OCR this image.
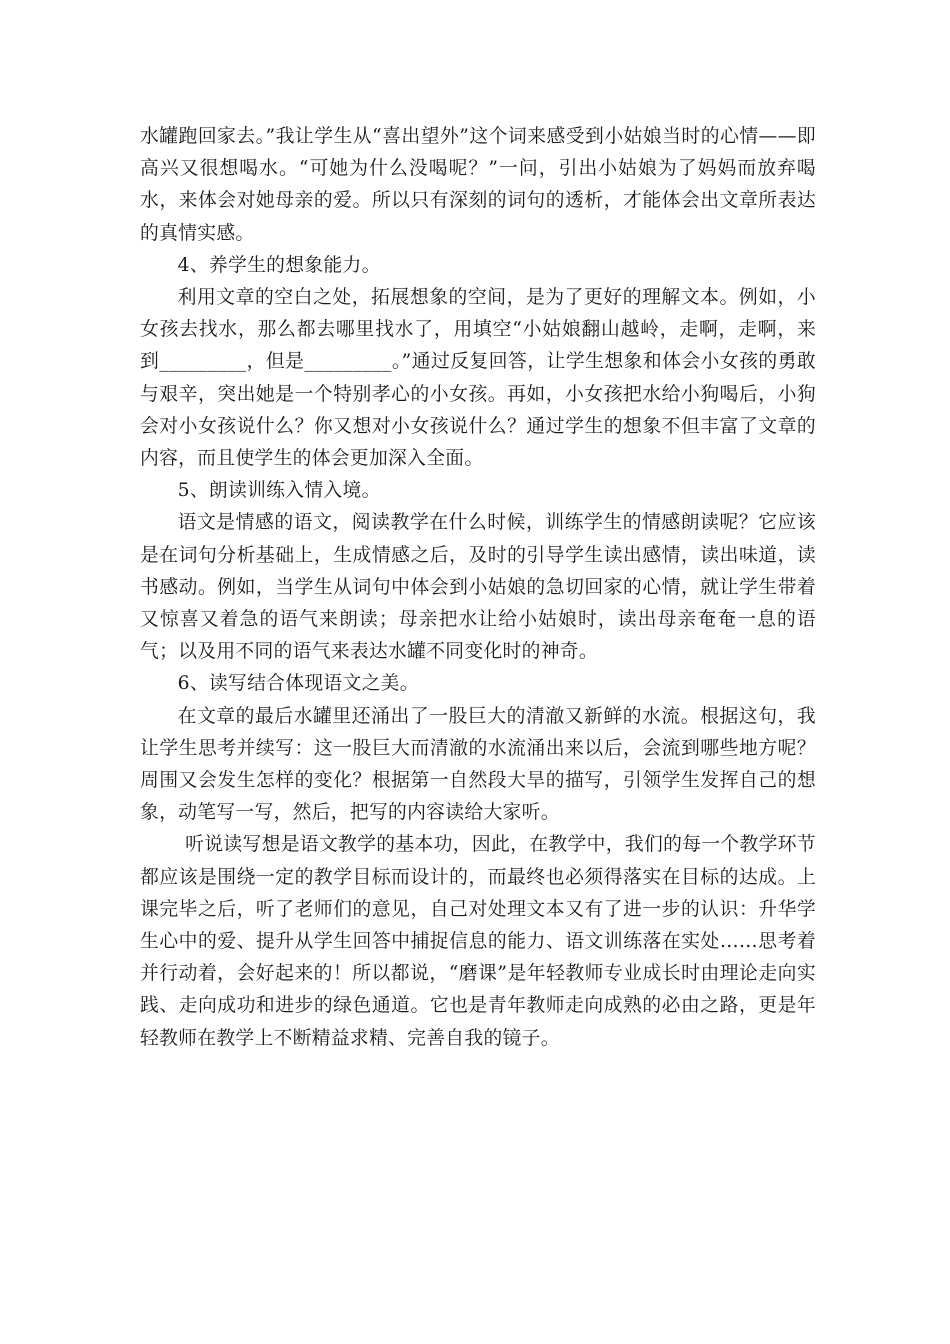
水罐跑回家去。”我让学生从“喜出望外”这个词来感受到小姑娘当时的心情——即高兴又很想喝水。“可她为什么没喝呢？”一问，引出小姑娘为了妈妈而放弃喝水，来体会对她母亲的爱。所以只有深刻的词句的透析，才能体会出文章所表达的真情实感。

4、养学生的想象能力。

利用文章的空白之处，拓展想象的空间，是为了更好的理解文本。例如，小女孩去找水，那么都去哪里找水了，用填空“小姑娘翻山越岭，走啊，走啊，来到_________，但是_________。”通过反复回答，让学生想象和体会小女孩的勇敢与艰辛，突出她是一个特别孝心的小女孩。再如，小女孩把水给小狗喝后，小狗会对小女孩说什么？你又想对小女孩说什么？通过学生的想象不但丰富了文章的内容，而且使学生的体会更加深入全面。

5、朗读训练入情入境。

语文是情感的语文，阅读教学在什么时候，训练学生的情感朗读呢？它应该是在词句分析基础上，生成情感之后，及时的引导学生读出感情，读出味道，读书感动。例如，当学生从词句中体会到小姑娘的急切回家的心情，就让学生带着又惊喜又着急的语气来朗读；母亲把水让给小姑娘时，读出母亲奄奄一息的语气；以及用不同的语气来表达水罐不同变化时的神奇。

6、读写结合体现语文之美。

在文章的最后水罐里还涌出了一股巨大的清澈又新鲜的水流。根据这句，我让学生思考并续写：这一股巨大而清澈的水流涌出来以后，会流到哪些地方呢？周围又会发生怎样的变化？根据第一自然段大旱的描写，引领学生发挥自己的想象，动笔写一写，然后，把写的内容读给大家听。

听说读写想是语文教学的基本功，因此，在教学中，我们的每一个教学环节都应该是围绕一定的教学目标而设计的，而最终也必须得落实在目标的达成。上课完毕之后，听了老师们的意见，自己对处理文本又有了进一步的认识：升华学生心中的爱、提升从学生回答中捕捉信息的能力、语文训练落在实处……思考着并行动着，会好起来的！所以都说，“磨课”是年轻教师专业成长时由理论走向实践、走向成功和进步的绿色通道。它也是青年教师走向成熟的必由之路，更是年轻教师在教学上不断精益求精、完善自我的镜子。
